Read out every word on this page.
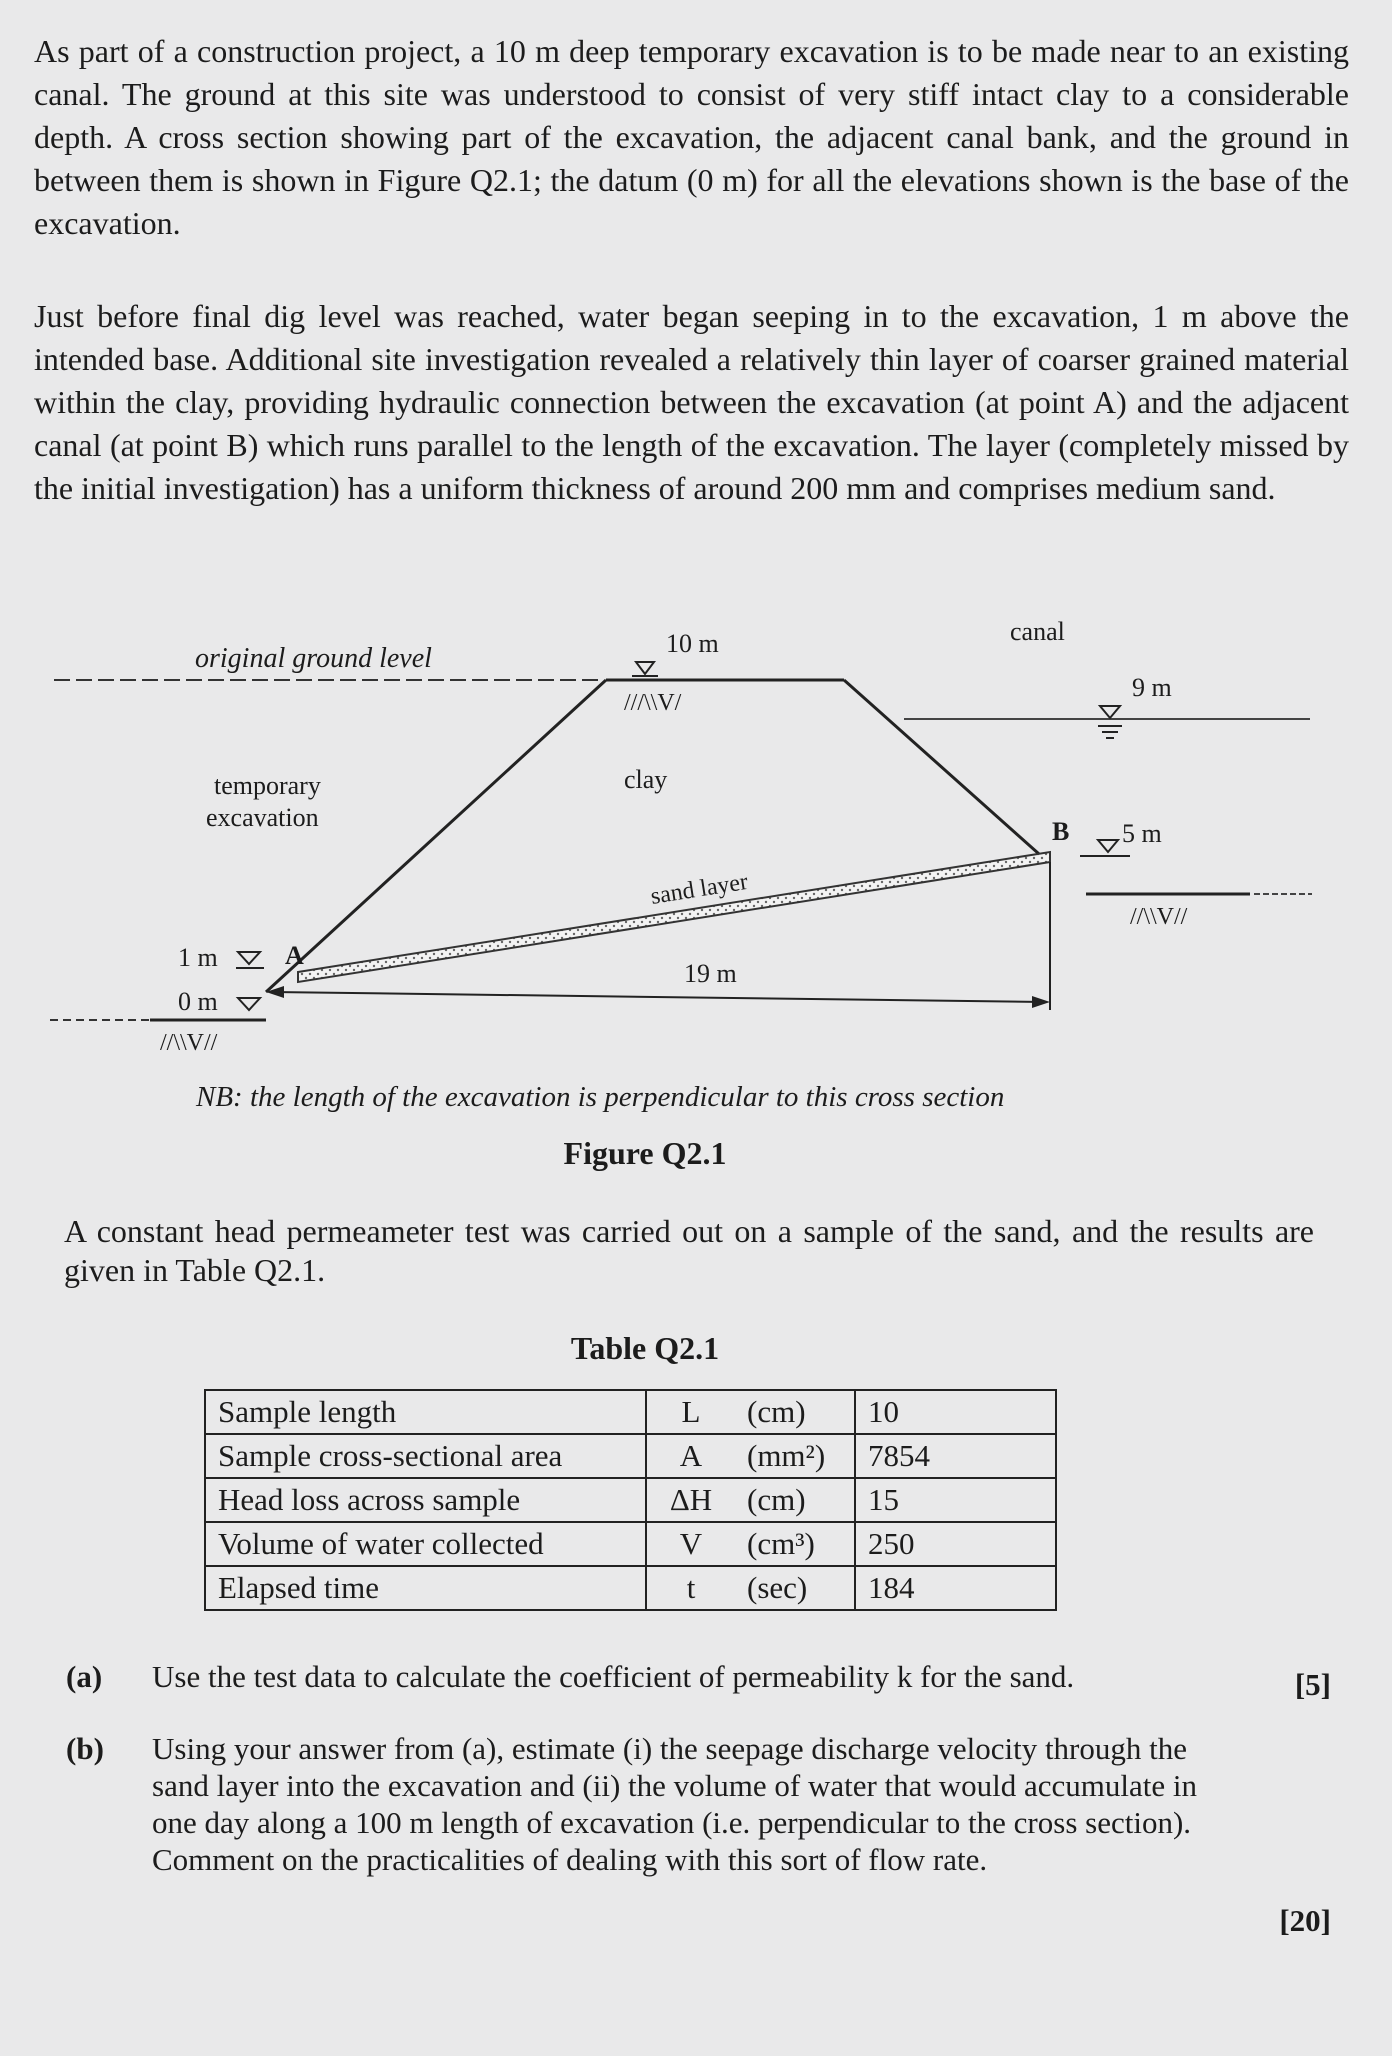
As part of a construction project, a 10 m deep temporary excavation is to be made near to an existing canal. The ground at this site was understood to consist of very stiff intact clay to a considerable depth. A cross section showing part of the excavation, the adjacent canal bank, and the ground in between them is shown in Figure Q2.1; the datum (0 m) for all the elevations shown is the base of the excavation.

Just before final dig level was reached, water began seeping in to the excavation, 1 m above the intended base. Additional site investigation revealed a relatively thin layer of coarser grained material within the clay, providing hydraulic connection between the excavation (at point A) and the adjacent canal (at point B) which runs parallel to the length of the excavation. The layer (completely missed by the initial investigation) has a uniform thickness of around 200 mm and comprises medium sand.

original ground level
9 m
canal
5 m
//\\V//
B
sand layer
19 m
10 m
///\\V/
clay
temporary
excavation
1 m	A
0 m
//\\V//
NB: the length of the excavation is perpendicular to this cross section
Figure Q2.1

A constant head permeameter test was carried out on a sample of the sand, and the results are given in Table Q2.1.

Table Q2.1
Sample length	L	(cm)	10
Sample cross-sectional area	A	(mm²)	7854
Head loss across sample	ΔH	(cm)	15
Volume of water collected	V	(cm³)	250
Elapsed time	t	(sec)	184
(a) Use the test data to calculate the coefficient of permeability k for the sand.	[5]
(b) Using your answer from (a), estimate (i) the seepage discharge velocity through the sand layer into the excavation and (ii) the volume of water that would accumulate in one day along a 100 m length of excavation (i.e. perpendicular to the cross section). Comment on the practicalities of dealing with this sort of flow rate.
[20]
